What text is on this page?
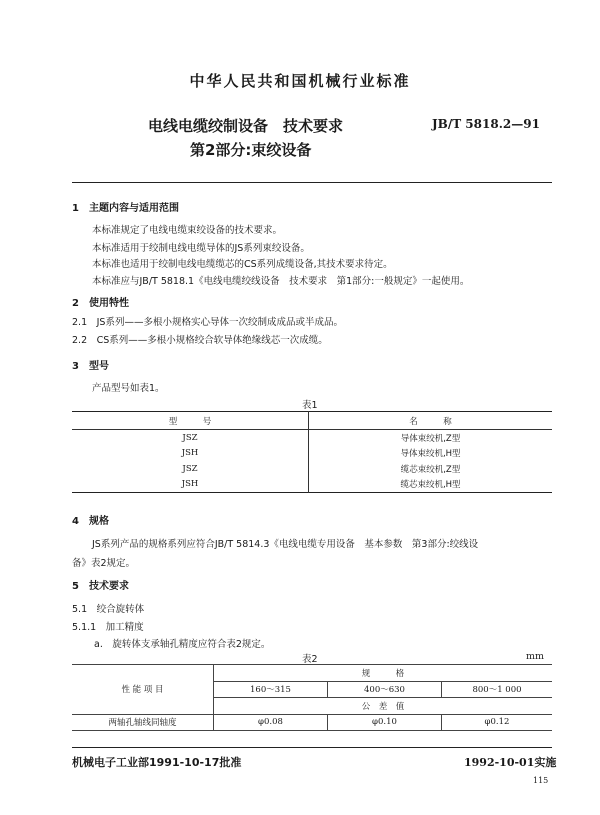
中华人民共和国机械行业标准
电线电缆绞制设备　技术要求
第2部分:束绞设备
JB/T 5818.2—91
1　主题内容与适用范围
本标准规定了电线电缆束绞设备的技术要求。
本标准适用于绞制电线电缆导体的JS系列束绞设备。
本标准也适用于绞制电线电缆缆芯的CS系列成缆设备,其技术要求待定。
本标准应与JB/T 5818.1《电线电缆绞线设备　技术要求　第1部分:一般规定》一起使用。
2　使用特性
2.1　JS系列——多根小规格实心导体一次绞制成成品或半成品。
2.2　CS系列——多根小规格绞合软导体绝缘线芯一次成缆。
3　型号
产品型号如表1。
表1
型　　　号	名　　　称
JSZ	导体束绞机,Z型
JSH	导体束绞机,H型
JSZ	缆芯束绞机,Z型
JSH	缆芯束绞机,H型
4　规格
JS系列产品的规格系列应符合JB/T 5814.3《电线电缆专用设备　基本参数　第3部分:绞线设
备》表2规定。
5　技术要求
5.1　绞合旋转体
5.1.1　加工精度
a.　旋转体支承轴孔精度应符合表2规定。
表2	mm
性 能 项 目	规　　　格		
	160～315	400～630	800～1 000
	公　差　值		
两轴孔轴线同轴度	φ0.08	φ0.10	φ0.12
机械电子工业部1991-10-17批准	1992-10-01实施
115
